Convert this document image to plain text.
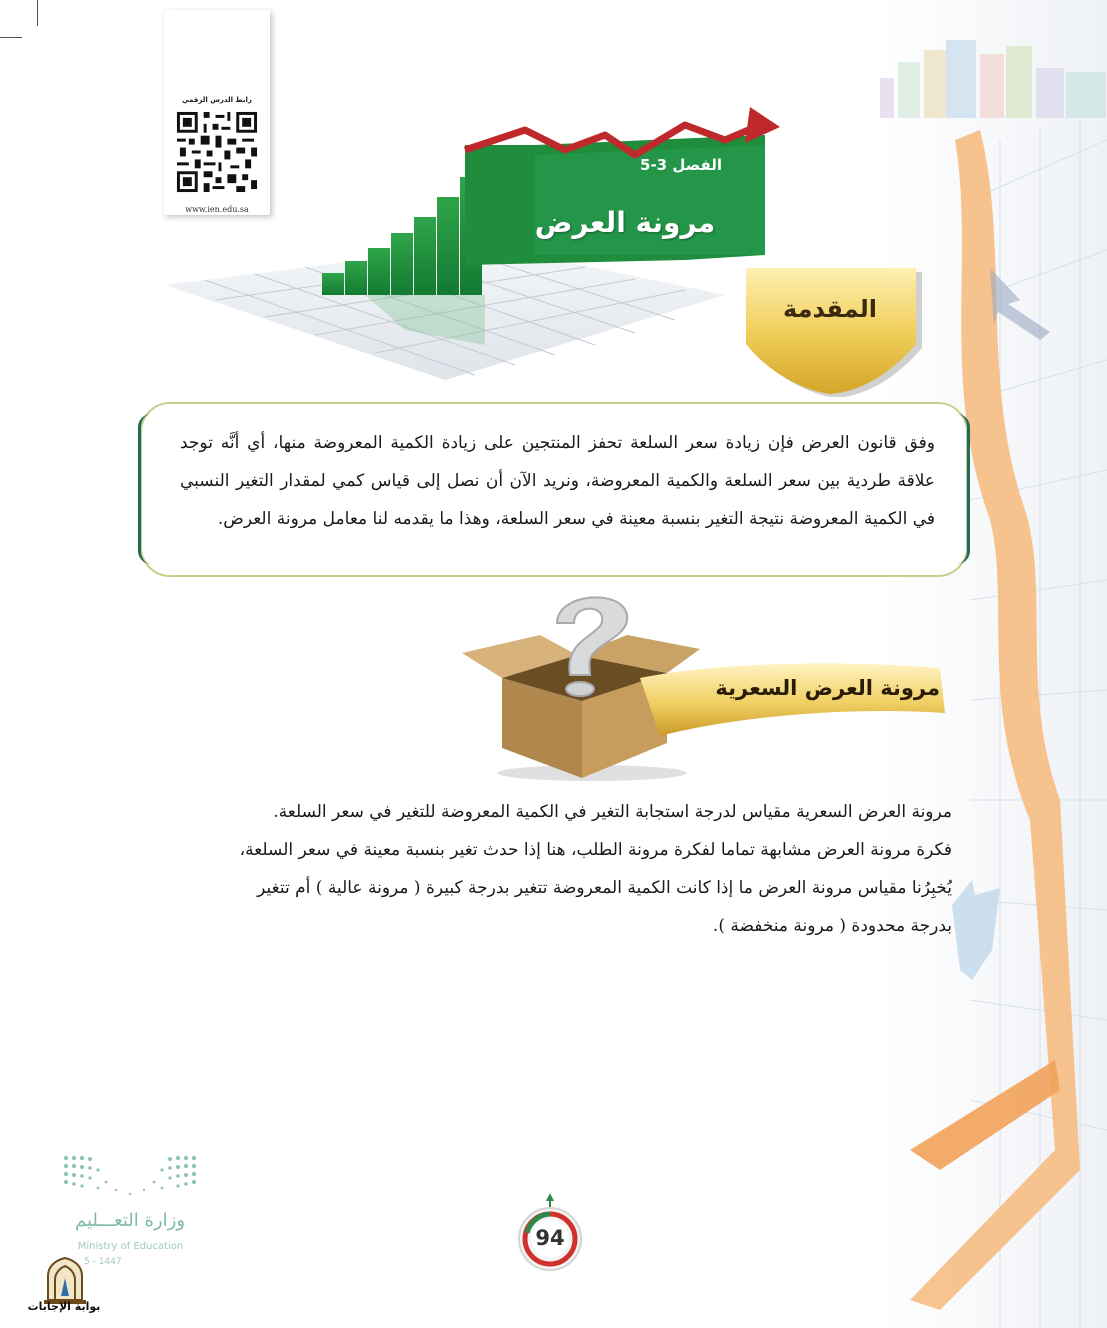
رابط الدرس الرقمي
www.ien.edu.sa
الفصل 3-5
مرونة العرض
المقدمة
وفق قانون العرض فإن زيادة سعر السلعة تحفز المنتجين على زيادة الكمية المعروضة منها، أي أنَّه توجد علاقة طردية بين سعر السلعة والكمية المعروضة، ونريد الآن أن نصل إلى قياس كمي لمقدار التغير النسبي في الكمية المعروضة نتيجة التغير بنسبة معينة في سعر السلعة، وهذا ما يقدمه لنا معامل مرونة العرض.
مرونة العرض السعرية

مرونة العرض السعرية مقياس لدرجة استجابة التغير في الكمية المعروضة للتغير في سعر السلعة.

فكرة مرونة العرض مشابهة تماما لفكرة مرونة الطلب، هنا إذا حدث تغير بنسبة معينة في سعر السلعة،

يُخبِرُنا مقياس مرونة العرض ما إذا كانت الكمية المعروضة تتغير بدرجة كبيرة ( مرونة عالية ) أم تتغير

بدرجة محدودة ( مرونة منخفضة ).

وزارة التعـــليم
Ministry of Education
5 - 1447
بوابة الإجابات
94
